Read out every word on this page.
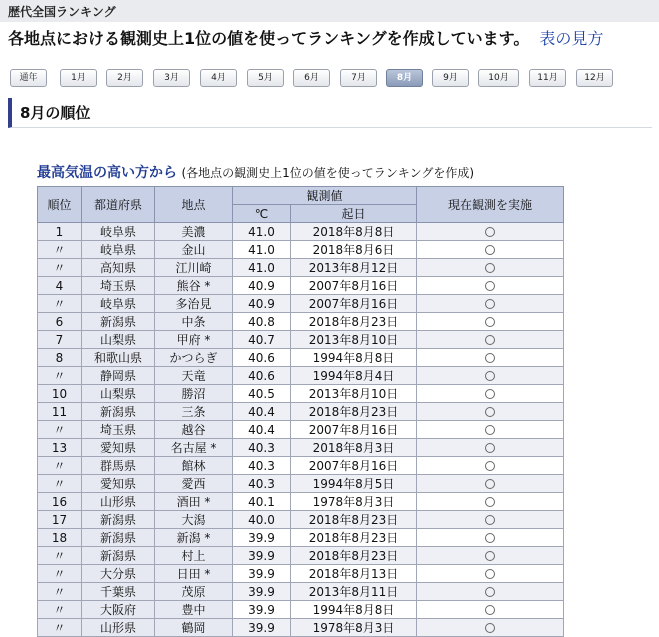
歴代全国ランキング
各地点における観測史上1位の値を使ってランキングを作成しています。 表の見方
通年	1月	2月	3月	4月	5月	6月	7月	8月	9月	10月	11月	12月
8月の順位
最高気温の高い方から (各地点の観測史上1位の値を使ってランキングを作成)
順位	都道府県	地点	観測値		現在観測を実施
			℃	起日	
1	岐阜県	美濃	41.0	2018年8月8日	
〃	岐阜県	金山	41.0	2018年8月6日	
〃	高知県	江川崎	41.0	2013年8月12日	
4	埼玉県	熊谷 *	40.9	2007年8月16日	
〃	岐阜県	多治見	40.9	2007年8月16日	
6	新潟県	中条	40.8	2018年8月23日	
7	山梨県	甲府 *	40.7	2013年8月10日	
8	和歌山県	かつらぎ	40.6	1994年8月8日	
〃	静岡県	天竜	40.6	1994年8月4日	
10	山梨県	勝沼	40.5	2013年8月10日	
11	新潟県	三条	40.4	2018年8月23日	
〃	埼玉県	越谷	40.4	2007年8月16日	
13	愛知県	名古屋 *	40.3	2018年8月3日	
〃	群馬県	館林	40.3	2007年8月16日	
〃	愛知県	愛西	40.3	1994年8月5日	
16	山形県	酒田 *	40.1	1978年8月3日	
17	新潟県	大潟	40.0	2018年8月23日	
18	新潟県	新潟 *	39.9	2018年8月23日	
〃	新潟県	村上	39.9	2018年8月23日	
〃	大分県	日田 *	39.9	2018年8月13日	
〃	千葉県	茂原	39.9	2013年8月11日	
〃	大阪府	豊中	39.9	1994年8月8日	
〃	山形県	鶴岡	39.9	1978年8月3日	
